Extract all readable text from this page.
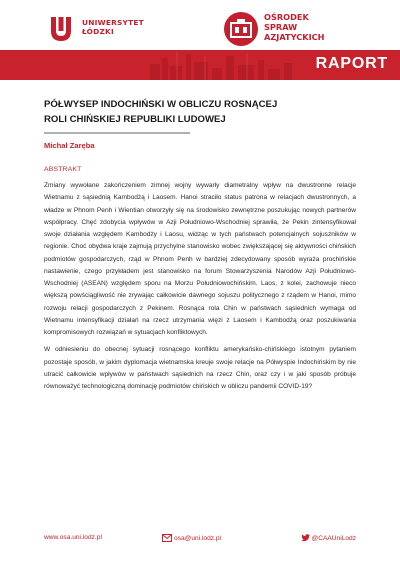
UNIWERSYTET
ŁÓDZKI
OŚRODEK
SPRAW
AZJATYCKICH
RAPORT
PÓŁWYSEP INDOCHIŃSKI W OBLICZU ROSNĄCEJ
ROLI CHIŃSKIEJ REPUBLIKI LUDOWEJ
Michał Zaręba
ABSTRAKT

Zmiany wywołane zakończeniem zimnej wojny wywarły diametralny wpływ na dwustronne relacje Wietnamu z sąsiednią Kambodżą i Laosem. Hanoi straciło status patrona w relacjach dwustronnych, a władze w Phnom Penh i Wientian otworzyły się na środowisko zewnętrzne poszukując nowych partnerów współpracy. Chęć zdobycia wpływów w Azji Południowo-Wschodniej sprawiła, że Pekin zintensyfikował swoje działania względem Kambodży i Laosu, widząc w tych państwach potencjalnych sojuszników w regionie. Choć obydwa kraje zajmują przychylne stanowisko wobec zwiększającej się aktywności chińskich podmiotów gospodarczych, rząd w Phnom Penh w bardziej zdecydowany sposób wyraża prochińskie nastawienie, czego przykładem jest stanowisko na forum Stowarzyszenia Narodów Azji Południowo-Wschodniej (ASEAN) względem sporu na Morzu Południowochińskim. Laos, z kolei, zachowuje nieco większą powściągliwość nie zrywając całkowicie dawnego sojuszu politycznego z rządem w Hanoi, mimo rozwoju relacji gospodarczych z Pekinem. Rosnąca rola Chin w państwach sąsiednich wymaga od Wietnamu intensyfikacji działań na rzecz utrzymania więzi z Laosem i Kambodżą oraz poszukiwania kompromisowych rozwiązań w sytuacjach konfliktowych.

W odniesieniu do obecnej sytuacji rosnącego konfliktu amerykańsko-chińskiego istotnym pytaniem pozostaje sposób, w jakim dyplomacja wietnamska kreuje swoje relacje na Półwyspie Indochińskim by nie utracić całkowicie wpływów w państwach sąsiednich na rzecz Chin, oraz czy i w jaki sposób próbuje równoważyć technologiczną dominację podmiotów chińskich w obliczu pandemii COVID-19?

www.osa.uni.lodz.pl	osa@uni.lodz.pl	@CAAUniLodz
